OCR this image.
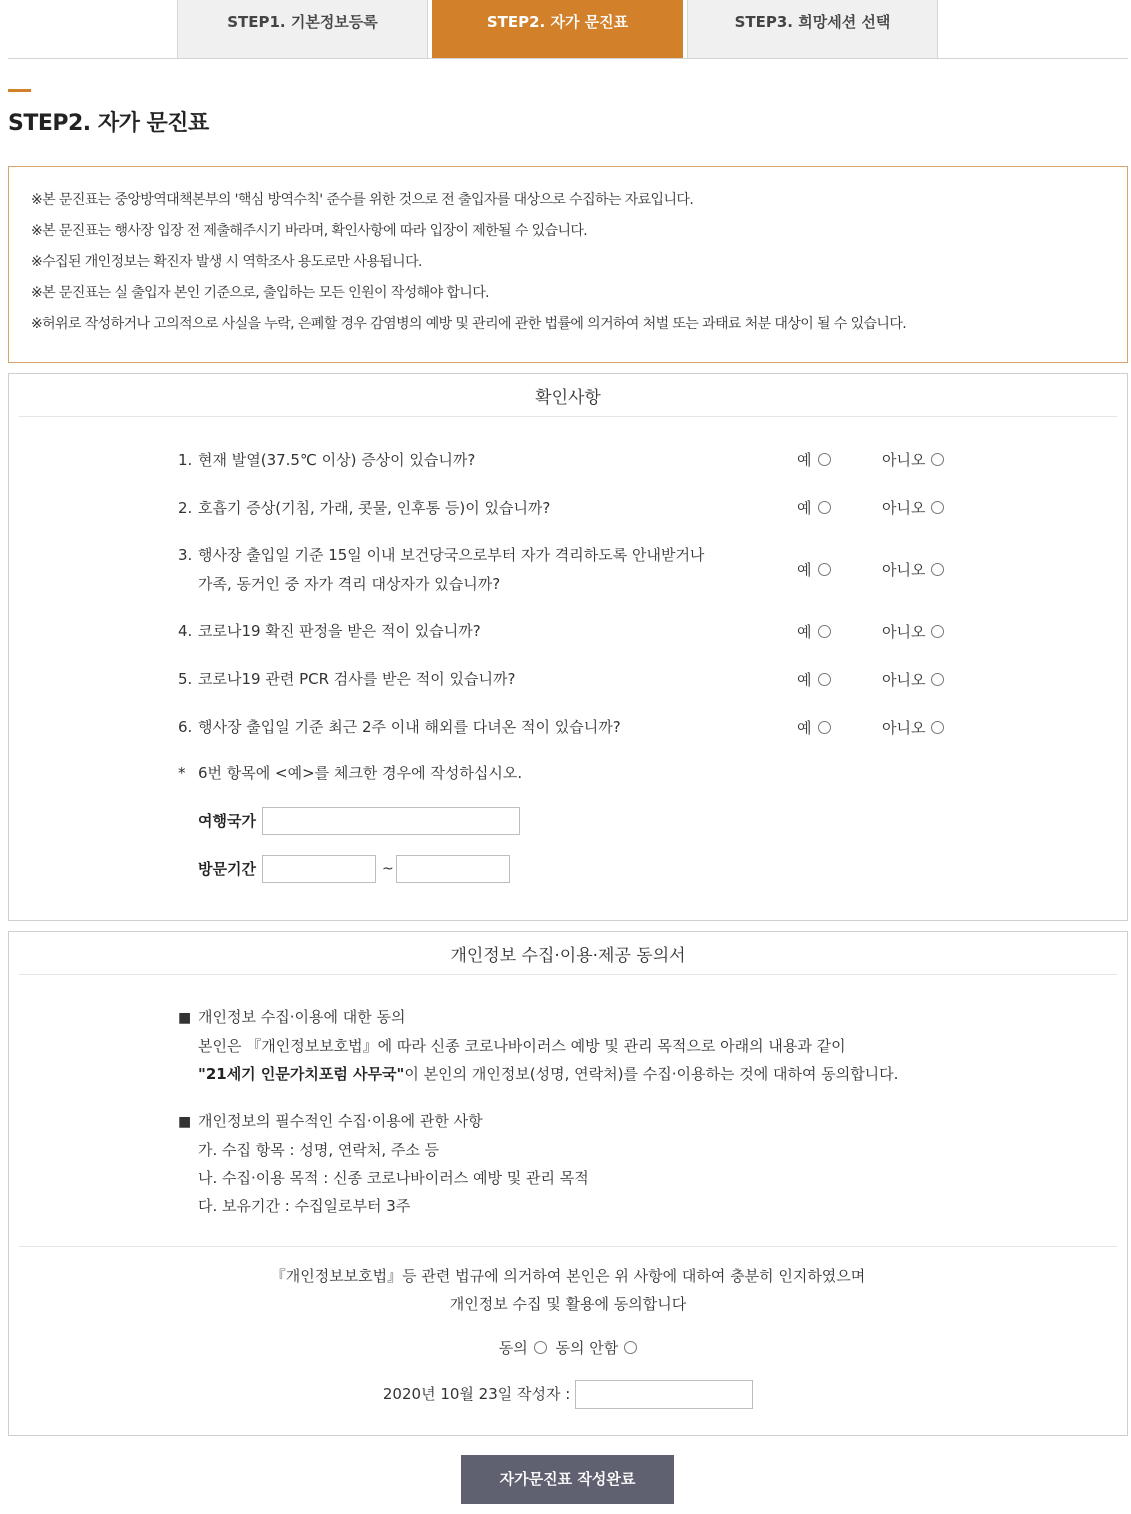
STEP1. 기본정보등록	STEP2. 자가 문진표	STEP3. 희망세션 선택
STEP2. 자가 문진표
※본 문진표는 중앙방역대책본부의 '핵심 방역수칙' 준수를 위한 것으로 전 출입자를 대상으로 수집하는 자료입니다.
※본 문진표는 행사장 입장 전 제출해주시기 바라며, 확인사항에 따라 입장이 제한될 수 있습니다.
※수집된 개인정보는 확진자 발생 시 역학조사 용도로만 사용됩니다.
※본 문진표는 실 출입자 본인 기준으로, 출입하는 모든 인원이 작성해야 합니다.
※허위로 작성하거나 고의적으로 사실을 누락, 은폐할 경우 감염병의 예방 및 관리에 관한 법률에 의거하여 처벌 또는 과태료 처분 대상이 될 수 있습니다.
확인사항
1. 현재 발열(37.5℃ 이상) 증상이 있습니까?	예	아니오
2. 호흡기 증상(기침, 가래, 콧물, 인후통 등)이 있습니까?	예	아니오
3. 행사장 출입일 기준 15일 이내 보건당국으로부터 자가 격리하도록 안내받거나
가족, 동거인 중 자가 격리 대상자가 있습니까?
예	아니오
4. 코로나19 확진 판정을 받은 적이 있습니까?	예	아니오
5. 코로나19 관련 PCR 검사를 받은 적이 있습니까?	예	아니오
6. 행사장 출입일 기준 최근 2주 이내 해외를 다녀온 적이 있습니까?	예	아니오
* 6번 항목에 <예>를 체크한 경우에 작성하십시오.
여행국가
방문기간	~
개인정보 수집·이용·제공 동의서
■ 개인정보 수집·이용에 대한 동의
본인은 『개인정보보호법』에 따라 신종 코로나바이러스 예방 및 관리 목적으로 아래의 내용과 같이
"21세기 인문가치포럼 사무국"이 본인의 개인정보(성명, 연락처)를 수집·이용하는 것에 대하여 동의합니다.
■ 개인정보의 필수적인 수집·이용에 관한 사항
가. 수집 항목 : 성명, 연락처, 주소 등
나. 수집·이용 목적 : 신종 코로나바이러스 예방 및 관리 목적
다. 보유기간 : 수집일로부터 3주
『개인정보보호법』등 관련 법규에 의거하여 본인은 위 사항에 대하여 충분히 인지하였으며
개인정보 수집 및 활용에 동의합니다
동의 동의 안함
2020년 10월 23일 작성자 :
자가문진표 작성완료
